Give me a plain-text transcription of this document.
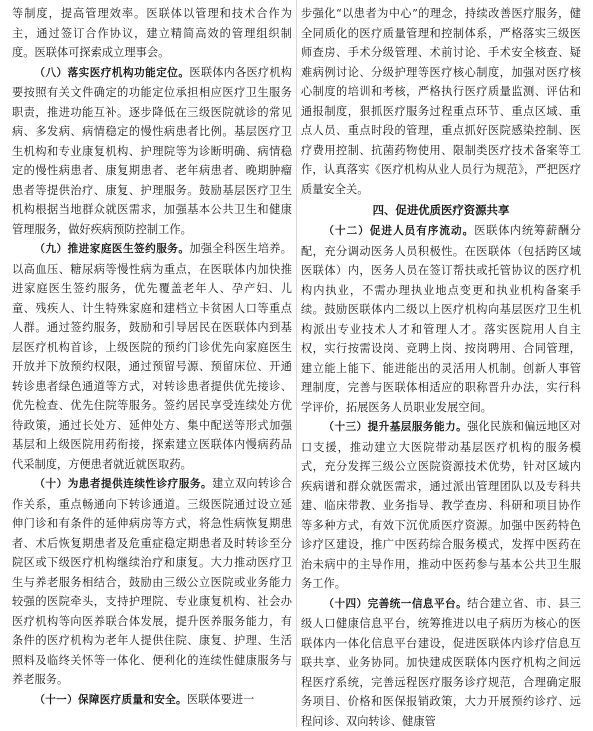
等制度，提高管理效率。医联体以管理和技术合作为主，通过签订合作协议，建立精简高效的管理组织制度。医联体可探索成立理事会。

（八）落实医疗机构功能定位。医联体内各医疗机构要按照有关文件确定的功能定位承担相应医疗卫生服务职责，推进功能互补。逐步降低在三级医院就诊的常见病、多发病、病情稳定的慢性病患者比例。基层医疗卫生机构和专业康复机构、护理院等为诊断明确、病情稳定的慢性病患者、康复期患者、老年病患者、晚期肿瘤患者等提供治疗、康复、护理服务。鼓励基层医疗卫生机构根据当地群众就医需求，加强基本公共卫生和健康管理服务，做好疾病预防控制工作。

（九）推进家庭医生签约服务。加强全科医生培养。以高血压、糖尿病等慢性病为重点，在医联体内加快推进家庭医生签约服务，优先覆盖老年人、孕产妇、儿童、残疾人、计生特殊家庭和建档立卡贫困人口等重点人群。通过签约服务，鼓励和引导居民在医联体内到基层医疗机构首诊，上级医院的预约门诊优先向家庭医生开放并下放预约权限，通过预留号源、预留床位、开通转诊患者绿色通道等方式，对转诊患者提供优先接诊、优先检查、优先住院等服务。签约居民享受连续处方优待政策，通过长处方、延伸处方、集中配送等形式加强基层和上级医院用药衔接，探索建立医联体内慢病药品代采制度，方便患者就近就医取药。

（十）为患者提供连续性诊疗服务。建立双向转诊合作关系，重点畅通向下转诊通道。三级医院通过设立延伸门诊和有条件的延伸病房等方式，将急性病恢复期患者、术后恢复期患者及危重症稳定期患者及时转诊至分院区或下级医疗机构继续治疗和康复。大力推动医疗卫生与养老服务相结合，鼓励由三级公立医院或业务能力较强的医院牵头，支持护理院、专业康复机构、社会办医疗机构等向医养联合体发展，提升医养服务能力，有条件的医疗机构为老年人提供住院、康复、护理、生活照料及临终关怀等一体化、便利化的连续性健康服务与养老服务。

（十一）保障医疗质量和安全。医联体要进一

步强化“以患者为中心”的理念，持续改善医疗服务，健全同质化的医疗质量管理和控制体系，严格落实三级医师查房、手术分级管理、术前讨论、手术安全核查、疑难病例讨论、分级护理等医疗核心制度，加强对医疗核心制度的培训和考核，严格执行医疗质量监测、评估和通报制度，狠抓医疗服务过程重点环节、重点区域、重点人员、重点时段的管理，重点抓好医院感染控制、医疗费用控制、抗菌药物使用、限制类医疗技术备案等工作，认真落实《医疗机构从业人员行为规范》，严把医疗质量安全关。

四、促进优质医疗资源共享

（十二）促进人员有序流动。医联体内统筹薪酬分配，充分调动医务人员积极性。在医联体（包括跨区域医联体）内，医务人员在签订帮扶或托管协议的医疗机构内执业，不需办理执业地点变更和执业机构备案手续。鼓励医联体内二级以上医疗机构向基层医疗卫生机构派出专业技术人才和管理人才。落实医院用人自主权，实行按需设岗、竞聘上岗、按岗聘用、合同管理，建立能上能下、能进能出的灵活用人机制。创新人事管理制度，完善与医联体相适应的职称晋升办法，实行科学评价，拓展医务人员职业发展空间。

（十三）提升基层服务能力。强化民族和偏远地区对口支援，推动建立大医院带动基层医疗机构的服务模式，充分发挥三级公立医院资源技术优势，针对区域内疾病谱和群众就医需求，通过派出管理团队以及专科共建、临床带教、业务指导、教学查房、科研和项目协作等多种方式，有效下沉优质医疗资源。加强中医药特色诊疗区建设，推广中医药综合服务模式，发挥中医药在治未病中的主导作用，推动中医药参与基本公共卫生服务工作。

（十四）完善统一信息平台。结合建立省、市、县三级人口健康信息平台，统筹推进以电子病历为核心的医联体内一体化信息平台建设，促进医联体内诊疗信息互联共享、业务协同。加快建成医联体内医疗机构之间远程医疗系统，完善远程医疗服务诊疗规范，合理确定服务项目、价格和医保报销政策，大力开展预约诊疗、远程问诊、双向转诊、健康管
